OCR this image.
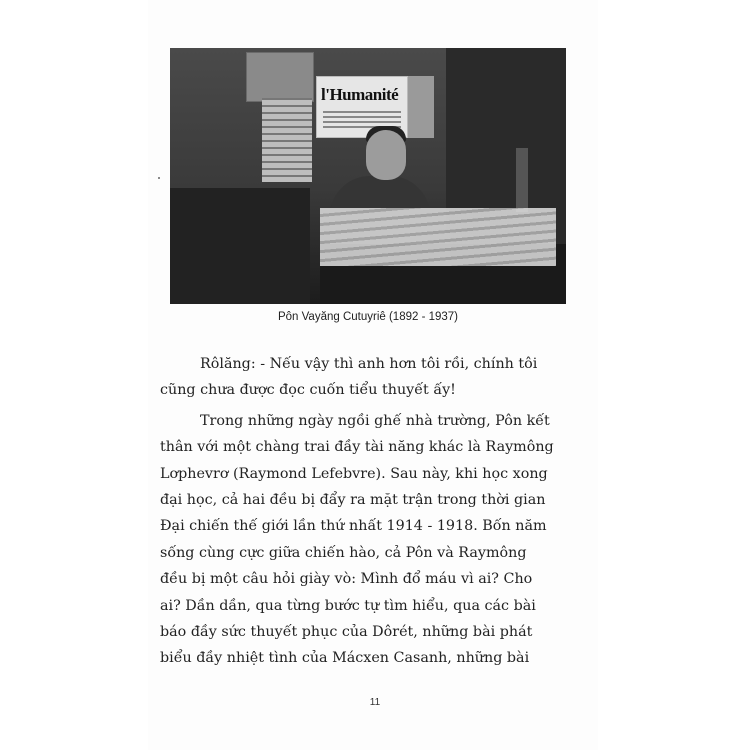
l'Humanité
Pôn Vayăng Cutuyriê (1892 - 1937)
Rôlăng: - Nếu vậy thì anh hơn tôi rồi, chính tôi
cũng chưa được đọc cuốn tiểu thuyết ấy!
Trong những ngày ngồi ghế nhà trường, Pôn kết
thân với một chàng trai đầy tài năng khác là Raymông
Lơphevrơ (Raymond Lefebvre). Sau này, khi học xong
đại học, cả hai đều bị đẩy ra mặt trận trong thời gian
Đại chiến thế giới lần thứ nhất 1914 - 1918. Bốn năm
sống cùng cực giữa chiến hào, cả Pôn và Raymông
đều bị một câu hỏi giày vò: Mình đổ máu vì ai? Cho
ai? Dần dần, qua từng bước tự tìm hiểu, qua các bài
báo đầy sức thuyết phục của Dôrét, những bài phát
biểu đầy nhiệt tình của Mácxen Casanh, những bài
11
